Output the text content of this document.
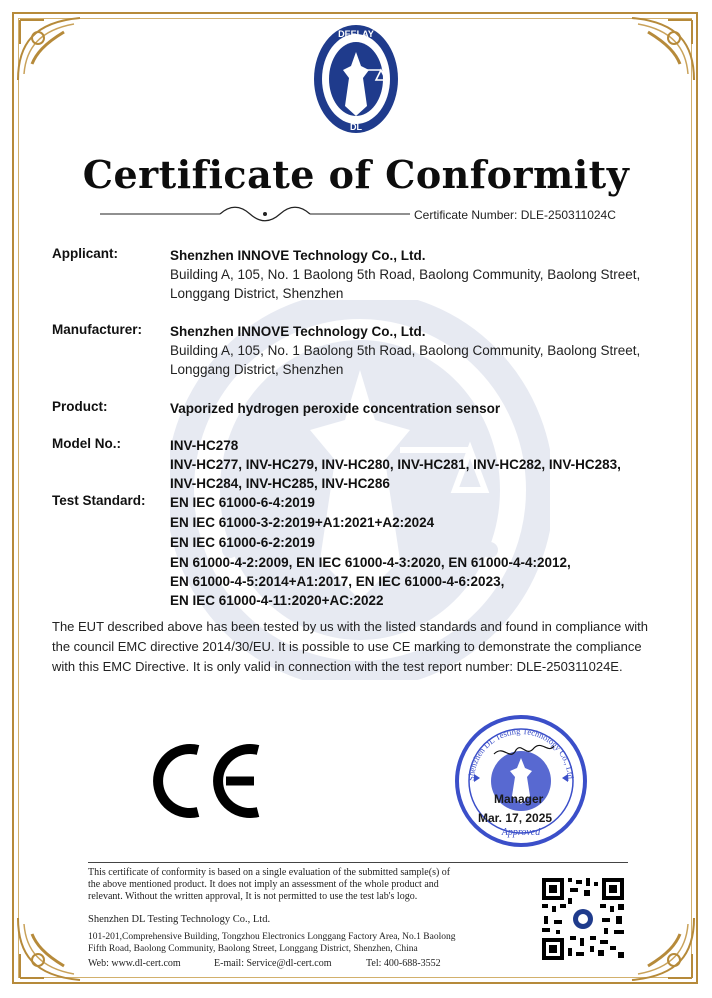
DEELAY
DL
Certificate of Conformity
Certificate Number: DLE-250311024C
Applicant:	Shenzhen INNOVE Technology Co., Ltd.
Building A, 105, No. 1 Baolong 5th Road, Baolong Community, Baolong Street,
Longgang District, Shenzhen
Manufacturer: Shenzhen INNOVE Technology Co., Ltd.
Building A, 105, No. 1 Baolong 5th Road, Baolong Community, Baolong Street,
Longgang District, Shenzhen
Product:	Vaporized hydrogen peroxide concentration sensor
Model No.:	INV-HC278
INV-HC277, INV-HC279, INV-HC280, INV-HC281, INV-HC282, INV-HC283,
INV-HC284, INV-HC285, INV-HC286
Test Standard: EN IEC 61000-6-4:2019
EN IEC 61000-3-2:2019+A1:2021+A2:2024
EN IEC 61000-6-2:2019
EN 61000-4-2:2009, EN IEC 61000-4-3:2020, EN 61000-4-4:2012,
EN 61000-4-5:2014+A1:2017, EN IEC 61000-4-6:2023,
EN IEC 61000-4-11:2020+AC:2022
The EUT described above has been tested by us with the listed standards and found in compliance with
the council EMC directive 2014/30/EU. It is possible to use CE marking to demonstrate the compliance
with this EMC Directive. It is only valid in connection with the test report number: DLE-250311024E.
Shenzhen DL Testing Technology Co., Ltd.
Approved
Manager
Mar. 17, 2025
This certificate of conformity is based on a single evaluation of the submitted sample(s) of
the above mentioned product. It does not imply an assessment of the whole product and
relevant. Without the written approval, It is not permitted to use the test lab's logo.
Shenzhen DL Testing Technology Co., Ltd.
101-201,Comprehensive Building, Tongzhou Electronics Longgang Factory Area, No.1 Baolong
Fifth Road, Baolong Community, Baolong Street, Longgang District, Shenzhen, China
Web: www.dl-cert.com	E-mail: Service@dl-cert.com	Tel: 400-688-3552
